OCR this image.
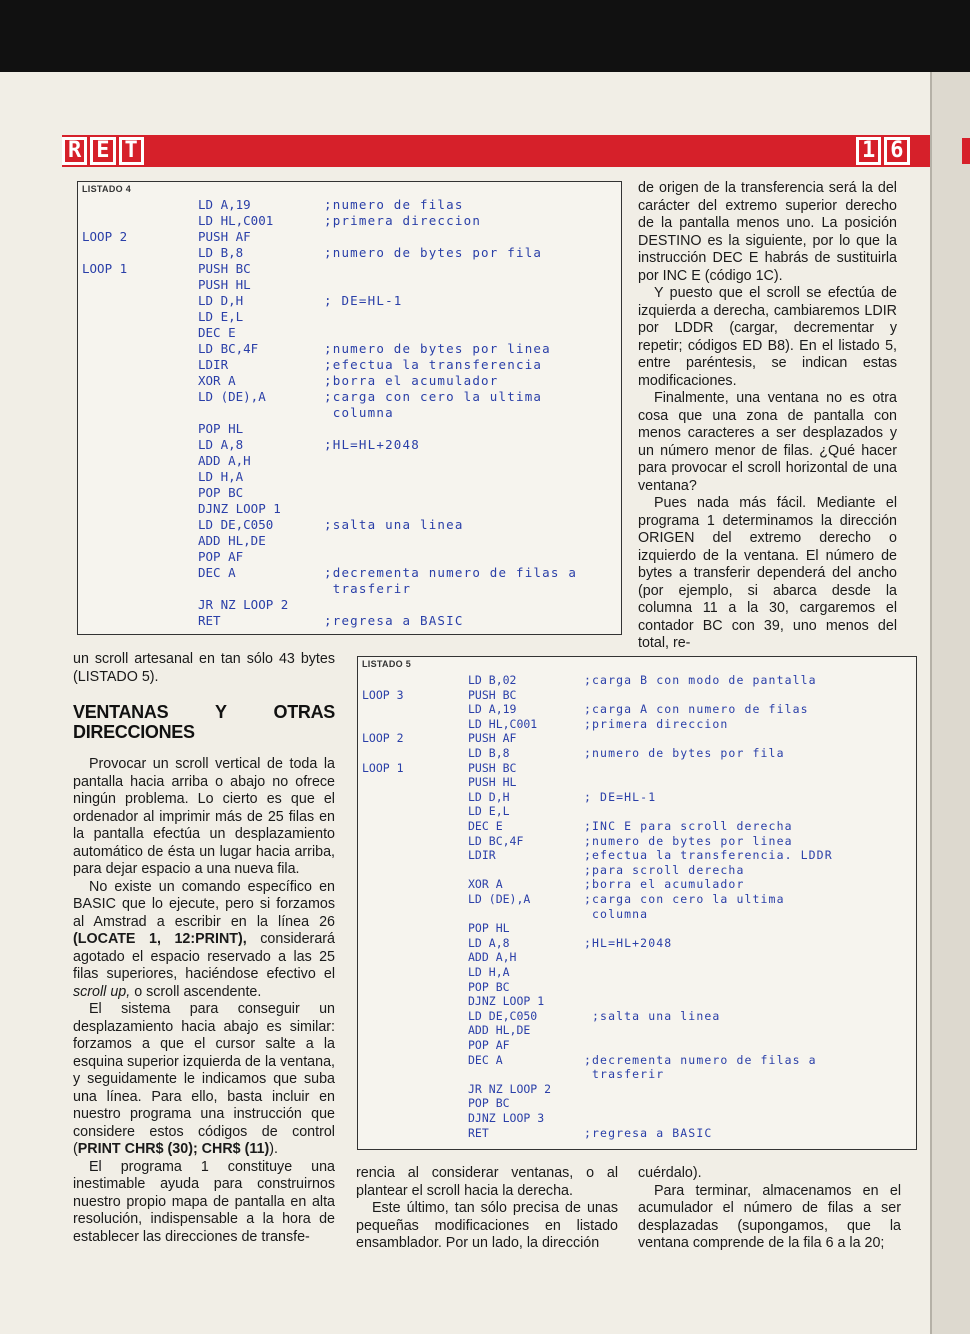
R E T	1 6
LISTADO 4
LD A,19	;numero de filas
LD HL,C001	;primera direccion
LOOP 2	PUSH AF
LD B,8	;numero de bytes por fila
LOOP 1	PUSH BC
PUSH HL
LD D,H	; DE=HL-1
LD E,L
DEC E
LD BC,4F	;numero de bytes por linea
LDIR	;efectua la transferencia
XOR A	;borra el acumulador
LD (DE),A	;carga con cero la ultima
columna
POP HL
LD A,8	;HL=HL+2048
ADD A,H
LD H,A
POP BC
DJNZ LOOP 1
LD DE,C050	;salta una linea
ADD HL,DE
POP AF
DEC A	;decrementa numero de filas a
trasferir
JR NZ LOOP 2
RET	;regresa a BASIC
LISTADO 5
LD B,02	;carga B con modo de pantalla
LOOP 3	PUSH BC
LD A,19	;carga A con numero de filas
LD HL,C001	;primera direccion
LOOP 2	PUSH AF
LD B,8	;numero de bytes por fila
LOOP 1	PUSH BC
PUSH HL
LD D,H	; DE=HL-1
LD E,L
DEC E	;INC E para scroll derecha
LD BC,4F	;numero de bytes por linea
LDIR	;efectua la transferencia. LDDR
;para scroll derecha
XOR A	;borra el acumulador
LD (DE),A	;carga con cero la ultima
columna
POP HL
LD A,8	;HL=HL+2048
ADD A,H
LD H,A
POP BC
DJNZ LOOP 1
LD DE,C050	;salta una linea
ADD HL,DE
POP AF
DEC A	;decrementa numero de filas a
trasferir
JR NZ LOOP 2
POP BC
DJNZ LOOP 3
RET	;regresa a BASIC

de origen de la transferencia será la del carácter del extremo superior derecho de la pantalla menos uno. La posición DESTINO es la siguiente, por lo que la instrucción DEC E habrás de sustituirla por INC E (código 1C).

Y puesto que el scroll se efectúa de izquierda a derecha, cambiaremos LDIR por LDDR (cargar, decrementar y repetir; códigos ED B8). En el listado 5, entre paréntesis, se indican estas modificaciones.

Finalmente, una ventana no es otra cosa que una zona de pantalla con menos caracteres a ser desplazados y un número menor de filas. ¿Qué hacer para provocar el scroll horizontal de una ventana?

Pues nada más fácil. Mediante el programa 1 determinamos la dirección ORIGEN del extremo derecho o izquierdo de la ventana. El número de bytes a transferir dependerá del ancho (por ejemplo, si abarca desde la columna 11 a la 30, cargaremos el contador BC con 39, uno menos del total, re-

un scroll artesanal en tan sólo 43 bytes (LISTADO 5).

VENTANAS Y OTRAS DIRECCIONES

Provocar un scroll vertical de toda la pantalla hacia arriba o abajo no ofrece ningún problema. Lo cierto es que el ordenador al imprimir más de 25 filas en la pantalla efectúa un desplazamiento automático de ésta un lugar hacia arriba, para dejar espacio a una nueva fila.

No existe un comando específico en BASIC que lo ejecute, pero si forzamos al Amstrad a escribir en la línea 26 (LOCATE 1, 12:PRINT), considerará agotado el espacio reservado a las 25 filas superiores, haciéndose efectivo el scroll up, o scroll ascendente.

El sistema para conseguir un desplazamiento hacia abajo es similar: forzamos a que el cursor salte a la esquina superior izquierda de la ventana, y seguidamente le indicamos que suba una línea. Para ello, basta incluir en nuestro programa una instrucción que considere estos códigos de control (PRINT CHR$ (30); CHR$ (11)).

El programa 1 constituye una inestimable ayuda para construirnos nuestro propio mapa de pantalla en alta resolución, indispensable a la hora de establecer las direcciones de transfe-

rencia al considerar ventanas, o al plantear el scroll hacia la derecha.

Este último, tan sólo precisa de unas pequeñas modificaciones en listado ensamblador. Por un lado, la dirección

cuérdalo).

Para terminar, almacenamos en el acumulador el número de filas a ser desplazadas (supongamos, que la ventana comprende de la fila 6 a la 20;
